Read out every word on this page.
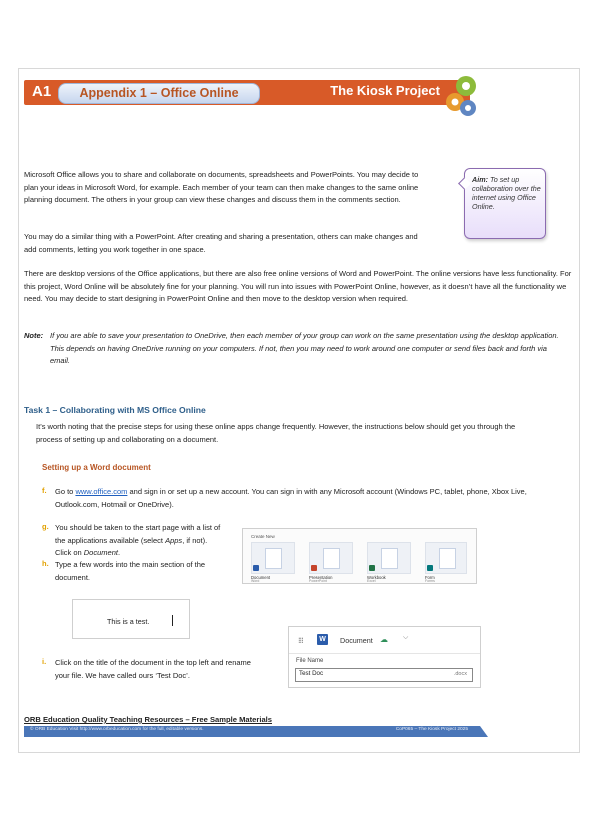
A1	Appendix 1 – Office Online	The Kiosk Project
Microsoft Office allows you to share and collaborate on documents, spreadsheets and PowerPoints. You may decide to plan your ideas in Microsoft Word, for example. Each member of your team can then make changes to the same online planning document. The others in your group can view these changes and discuss them in the comments section.
Aim: To set up collaboration over the internet using Office Online.
You may do a similar thing with a PowerPoint. After creating and sharing a presentation, others can make changes and add comments, letting you work together in one space.
There are desktop versions of the Office applications, but there are also free online versions of Word and PowerPoint. The online versions have less functionality. For this project, Word Online will be absolutely fine for your planning. You will run into issues with PowerPoint Online, however, as it doesn’t have all the functionality we need. You may decide to start designing in PowerPoint Online and then move to the desktop version when required.
Note: If you are able to save your presentation to OneDrive, then each member of your group can work on the same presentation using the desktop application. This depends on having OneDrive running on your computers. If not, then you may need to work around one computer or send files back and forth via email.
Task 1 – Collaborating with MS Office Online
It’s worth noting that the precise steps for using these online apps change frequently. However, the instructions below should get you through the process of setting up and collaborating on a document.
Setting up a Word document
f. Go to www.office.com and sign in or set up a new account. You can sign in with any Microsoft account (Windows PC, tablet, phone, Xbox Live, Outlook.com, Hotmail or OneDrive).
g. You should be taken to the start page with a list of the applications available (select Apps, if not). Click on Document.
h. Type a few words into the main section of the document.
Create New
Document
Word
Presentation
PowerPoint
Workbook
Excel
Form
Forms
This is a test.
i. Click on the title of the document in the top left and rename your file. We have called ours ‘Test Doc’.
⁝⁝⁝	W	Document ☁ ⌵
File Name
Test Doc	.docx
ORB Education Quality Teaching Resources – Free Sample Materials
© ORB Education Visit http://www.orbeducation.com for the full, editable versions.	CoP065 – The Kiosk Project 2025
